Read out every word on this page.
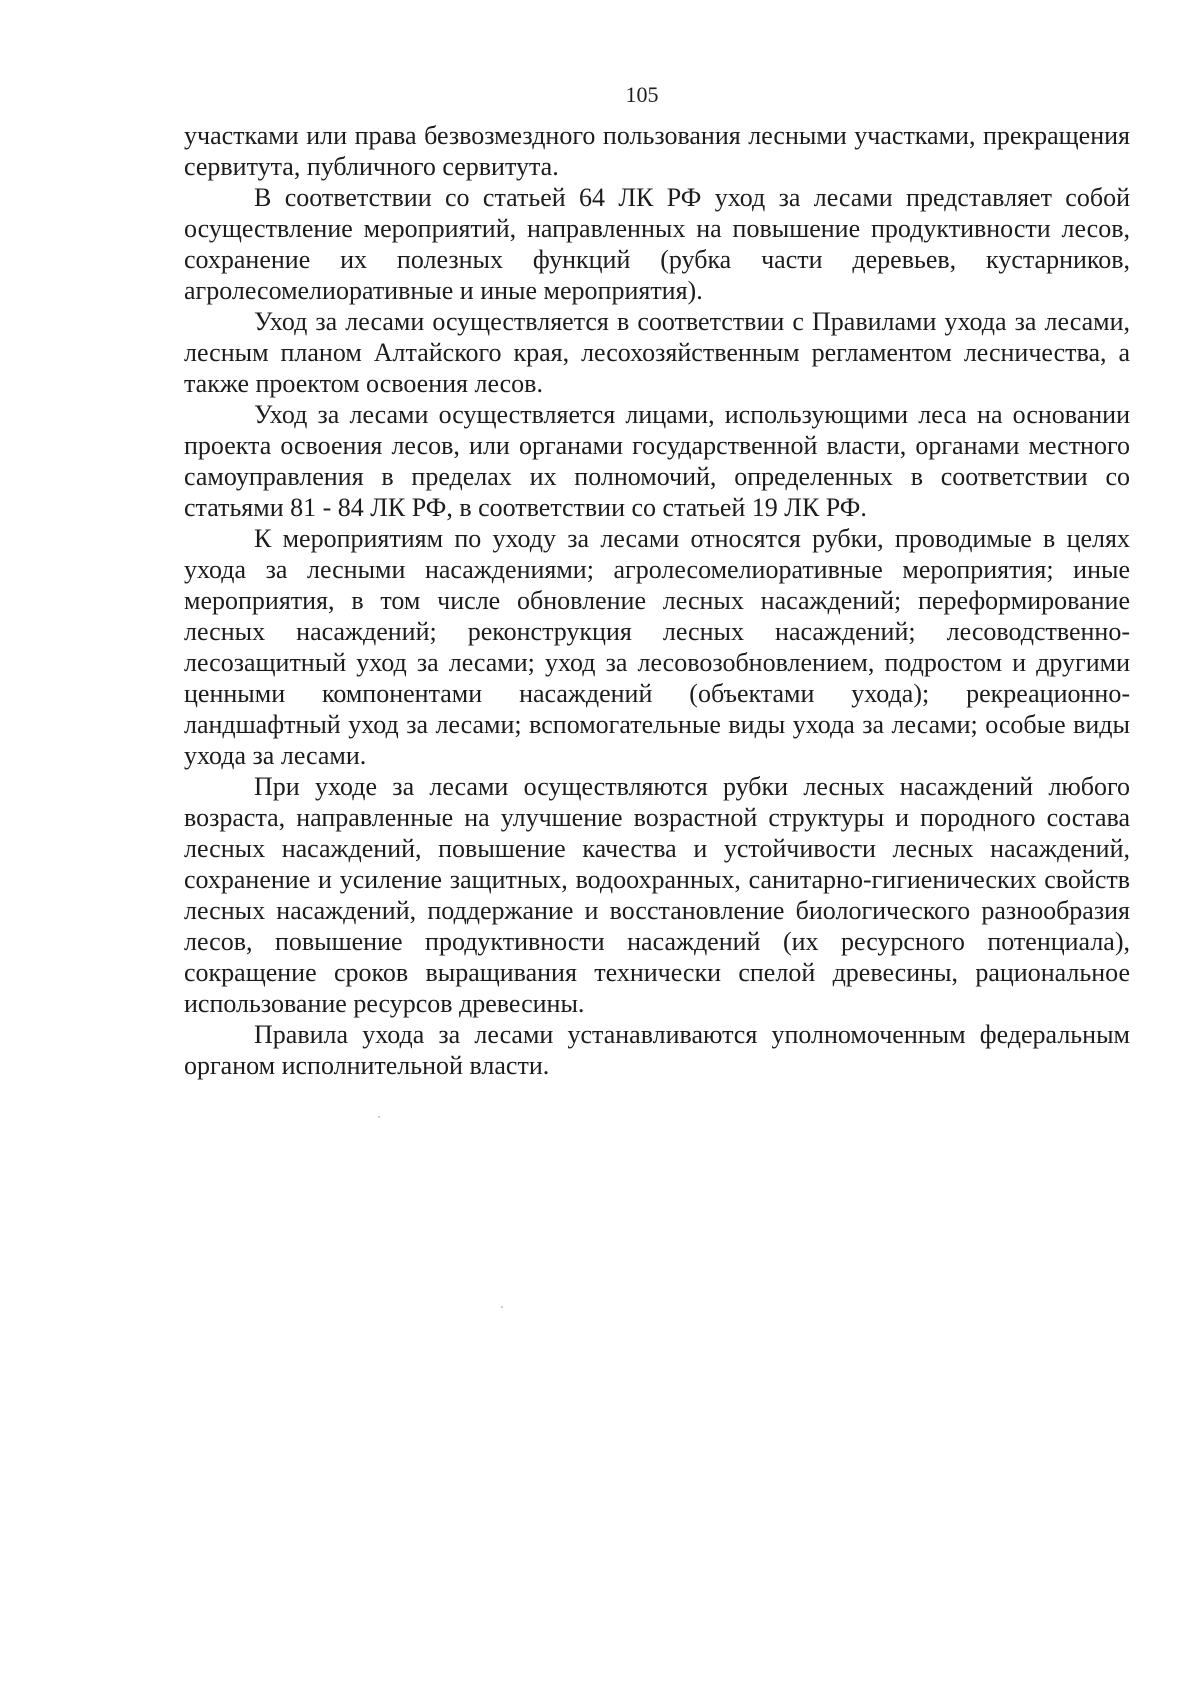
105

участками или права безвозмездного пользования лесными участками, прекращения сервитута, публичного сервитута.

В соответствии со статьей 64 ЛК РФ уход за лесами представляет собой осуществление мероприятий, направленных на повышение продуктивности лесов, сохранение их полезных функций (рубка части деревьев, кустарников, агролесомелиоративные и иные мероприятия).

Уход за лесами осуществляется в соответствии с Правилами ухода за лесами, лесным планом Алтайского края, лесохозяйственным регламентом лесничества, а также проектом освоения лесов.

Уход за лесами осуществляется лицами, использующими леса на основании проекта освоения лесов, или органами государственной власти, органами местного самоуправления в пределах их полномочий, определенных в соответствии со статьями 81 - 84 ЛК РФ, в соответствии со статьей 19 ЛК РФ.

К мероприятиям по уходу за лесами относятся рубки, проводимые в целях ухода за лесными насаждениями; агролесомелиоративные мероприятия; иные мероприятия, в том числе обновление лесных насаждений; переформирование лесных насаждений; реконструкция лесных насаждений; лесоводственно-лесозащитный уход за лесами; уход за лесовозобновлением, подростом и другими ценными компонентами насаждений (объектами ухода); рекреационно-ландшафтный уход за лесами; вспомогательные виды ухода за лесами; особые виды ухода за лесами.

При уходе за лесами осуществляются рубки лесных насаждений любого возраста, направленные на улучшение возрастной структуры и породного состава лесных насаждений, повышение качества и устойчивости лесных насаждений, сохранение и усиление защитных, водоохранных, санитарно-гигиенических свойств лесных насаждений, поддержание и восстановление биологического разнообразия лесов, повышение продуктивности насаждений (их ресурсного потенциала), сокращение сроков выращивания технически спелой древесины, рациональное использование ресурсов древесины.

Правила ухода за лесами устанавливаются уполномоченным федеральным органом исполнительной власти.
